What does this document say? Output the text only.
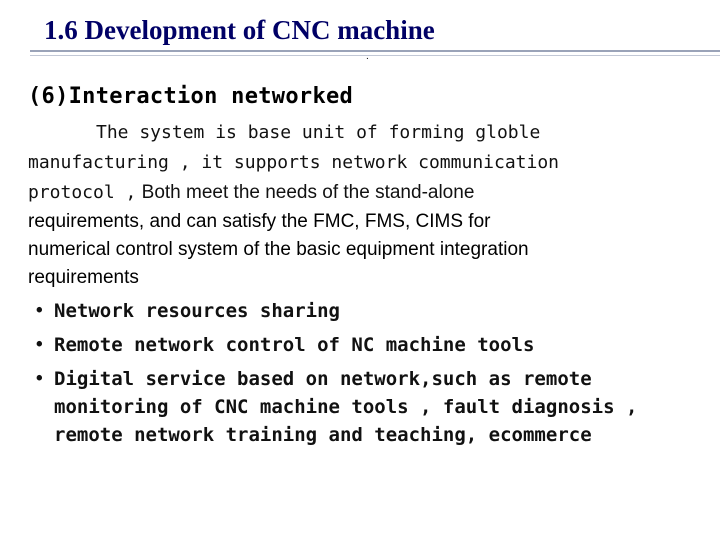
1.6 Development of CNC machine
.
(6)Interaction networked
The system is base unit of forming globle
manufacturing , it supports network communication
protocol , Both meet the needs of the stand-alone
requirements, and can satisfy the FMC, FMS, CIMS for
numerical control system of the basic equipment integration
requirements
• Network resources sharing
• Remote network control of NC machine tools
• Digital service based on network,such as remote
monitoring of CNC machine tools , fault diagnosis ,
remote network training and teaching, ecommerce
